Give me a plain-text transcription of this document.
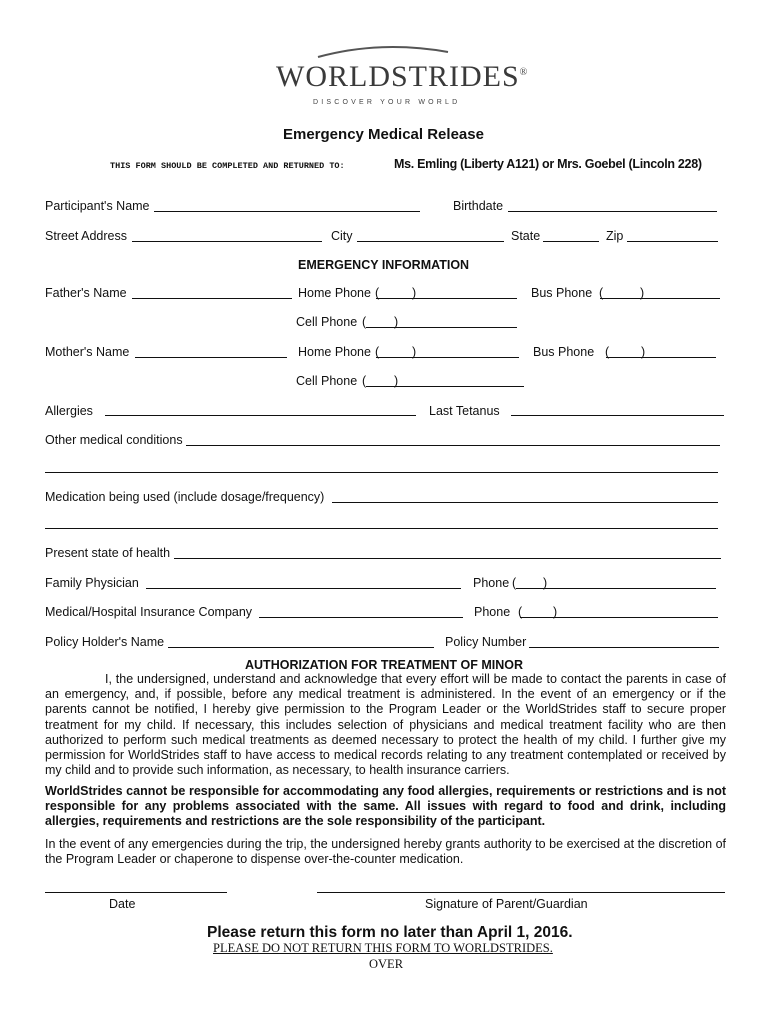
WORLDSTRIDES®
DISCOVER YOUR WORLD
Emergency Medical Release
THIS FORM SHOULD BE COMPLETED AND RETURNED TO:	Ms. Emling (Liberty A121) or Mrs. Goebel (Lincoln 228)
Participant's Name	Birthdate
Street Address	City	State	Zip
EMERGENCY INFORMATION
Father's Name	Home Phone (	)	Bus Phone (	)
Cell Phone ( )
Mother's Name	Home Phone (	)	Bus Phone (	)
Cell Phone ( )
Allergies	Last Tetanus
Other medical conditions
Medication being used (include dosage/frequency)
Present state of health
Family Physician	Phone ( )
Medical/Hospital Insurance Company	Phone ( )
Policy Holder's Name	Policy Number
AUTHORIZATION FOR TREATMENT OF MINOR
I, the undersigned, understand and acknowledge that every effort will be made to contact the parents in case of an emergency, and, if possible, before any medical treatment is administered. In the event of an emergency or if the parents cannot be notified, I hereby give permission to the Program Leader or the WorldStrides staff to secure proper treatment for my child. If necessary, this includes selection of physicians and medical treatment facility who are then authorized to perform such medical treatments as deemed necessary to protect the health of my child. I further give my permission for WorldStrides staff to have access to medical records relating to any treatment contemplated or received by my child and to provide such information, as necessary, to health insurance carriers.
WorldStrides cannot be responsible for accommodating any food allergies, requirements or restrictions and is not responsible for any problems associated with the same. All issues with regard to food and drink, including allergies, requirements and restrictions are the sole responsibility of the participant.
In the event of any emergencies during the trip, the undersigned hereby grants authority to be exercised at the discretion of the Program Leader or chaperone to dispense over-the-counter medication.
Date	Signature of Parent/Guardian
Please return this form no later than April 1, 2016.
PLEASE DO NOT RETURN THIS FORM TO WORLDSTRIDES.
OVER
